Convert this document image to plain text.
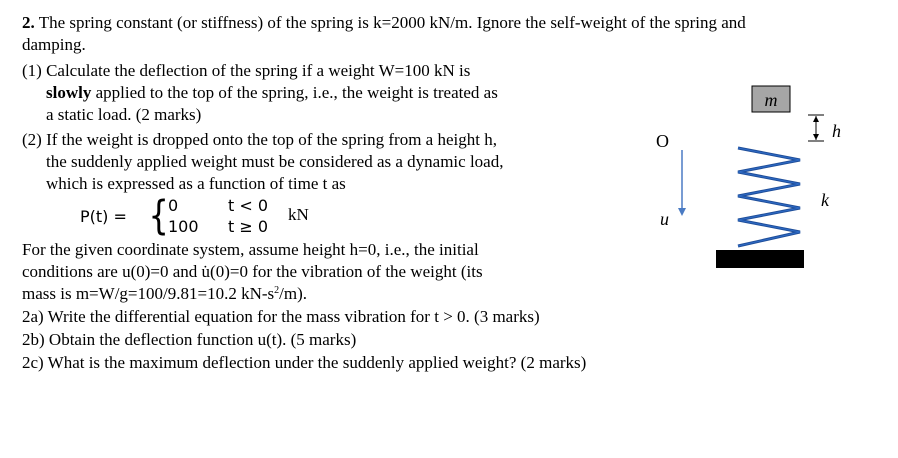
2. The spring constant (or stiffness) of the spring is k=2000 kN/m. Ignore the self-weight of the spring and
damping.
(1) Calculate the deflection of the spring if a weight W=100 kN is
slowly applied to the top of the spring, i.e., the weight is treated as
a static load. (2 marks)
(2) If the weight is dropped onto the top of the spring from a height h,
the suddenly applied weight must be considered as a dynamic load,
which is expressed as a function of time t as
P(t) = { 0	t < 0
100 t ≥ 0
kN
For the given coordinate system, assume height h=0, i.e., the initial
conditions are u(0)=0 and u̇(0)=0 for the vibration of the weight (its
mass is m=W/g=100/9.81=10.2 $kN-s^2/m$).
2a) Write the differential equation for the mass vibration for t > 0. (3 marks)
2b) Obtain the deflection function u(t). (5 marks)
2c) What is the maximum deflection under the suddenly applied weight? (2 marks)
m
h
O
u
k
